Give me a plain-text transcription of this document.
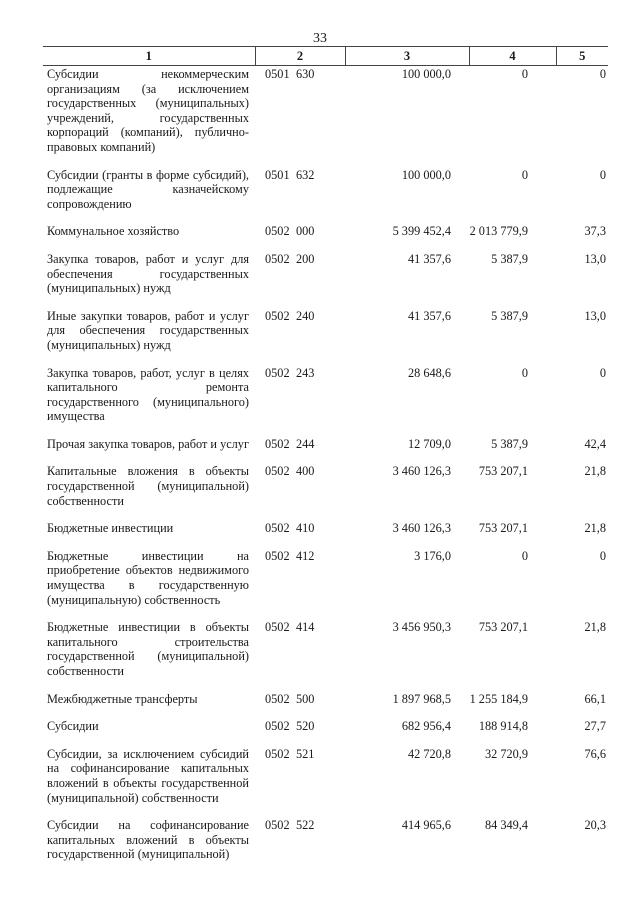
33
1	2		3	4	5
Субсидии некоммерческим организациям (за исключением государственных (муниципальных) учреждений, государственных корпораций (компаний), публично-правовых компаний)	0501	630	100 000,0	0	0
Субсидии (гранты в форме субсидий), подлежащие казначейскому сопровождению	0501	632	100 000,0	0	0
Коммунальное хозяйство	0502	000	5 399 452,4	2 013 779,9	37,3
Закупка товаров, работ и услуг для обеспечения государственных (муниципальных) нужд	0502	200	41 357,6	5 387,9	13,0
Иные закупки товаров, работ и услуг для обеспечения государственных (муниципальных) нужд	0502	240	41 357,6	5 387,9	13,0
Закупка товаров, работ, услуг в целях капитального ремонта государственного (муниципального) имущества	0502	243	28 648,6	0	0
Прочая закупка товаров, работ и услуг	0502	244	12 709,0	5 387,9	42,4
Капитальные вложения в объекты государственной (муниципальной) собственности	0502	400	3 460 126,3	753 207,1	21,8
Бюджетные инвестиции	0502	410	3 460 126,3	753 207,1	21,8
Бюджетные инвестиции на приобретение объектов недвижимого имущества в государственную (муниципальную) собственность	0502	412	3 176,0	0	0
Бюджетные инвестиции в объекты капитального строительства государственной (муниципальной) собственности	0502	414	3 456 950,3	753 207,1	21,8
Межбюджетные трансферты	0502	500	1 897 968,5	1 255 184,9	66,1
Субсидии	0502	520	682 956,4	188 914,8	27,7
Субсидии, за исключением субсидий на софинансирование капитальных вложений в объекты государственной (муниципальной) собственности	0502	521	42 720,8	32 720,9	76,6
Субсидии на софинансирование капитальных вложений в объекты государственной (муниципальной)	0502	522	414 965,6	84 349,4	20,3
